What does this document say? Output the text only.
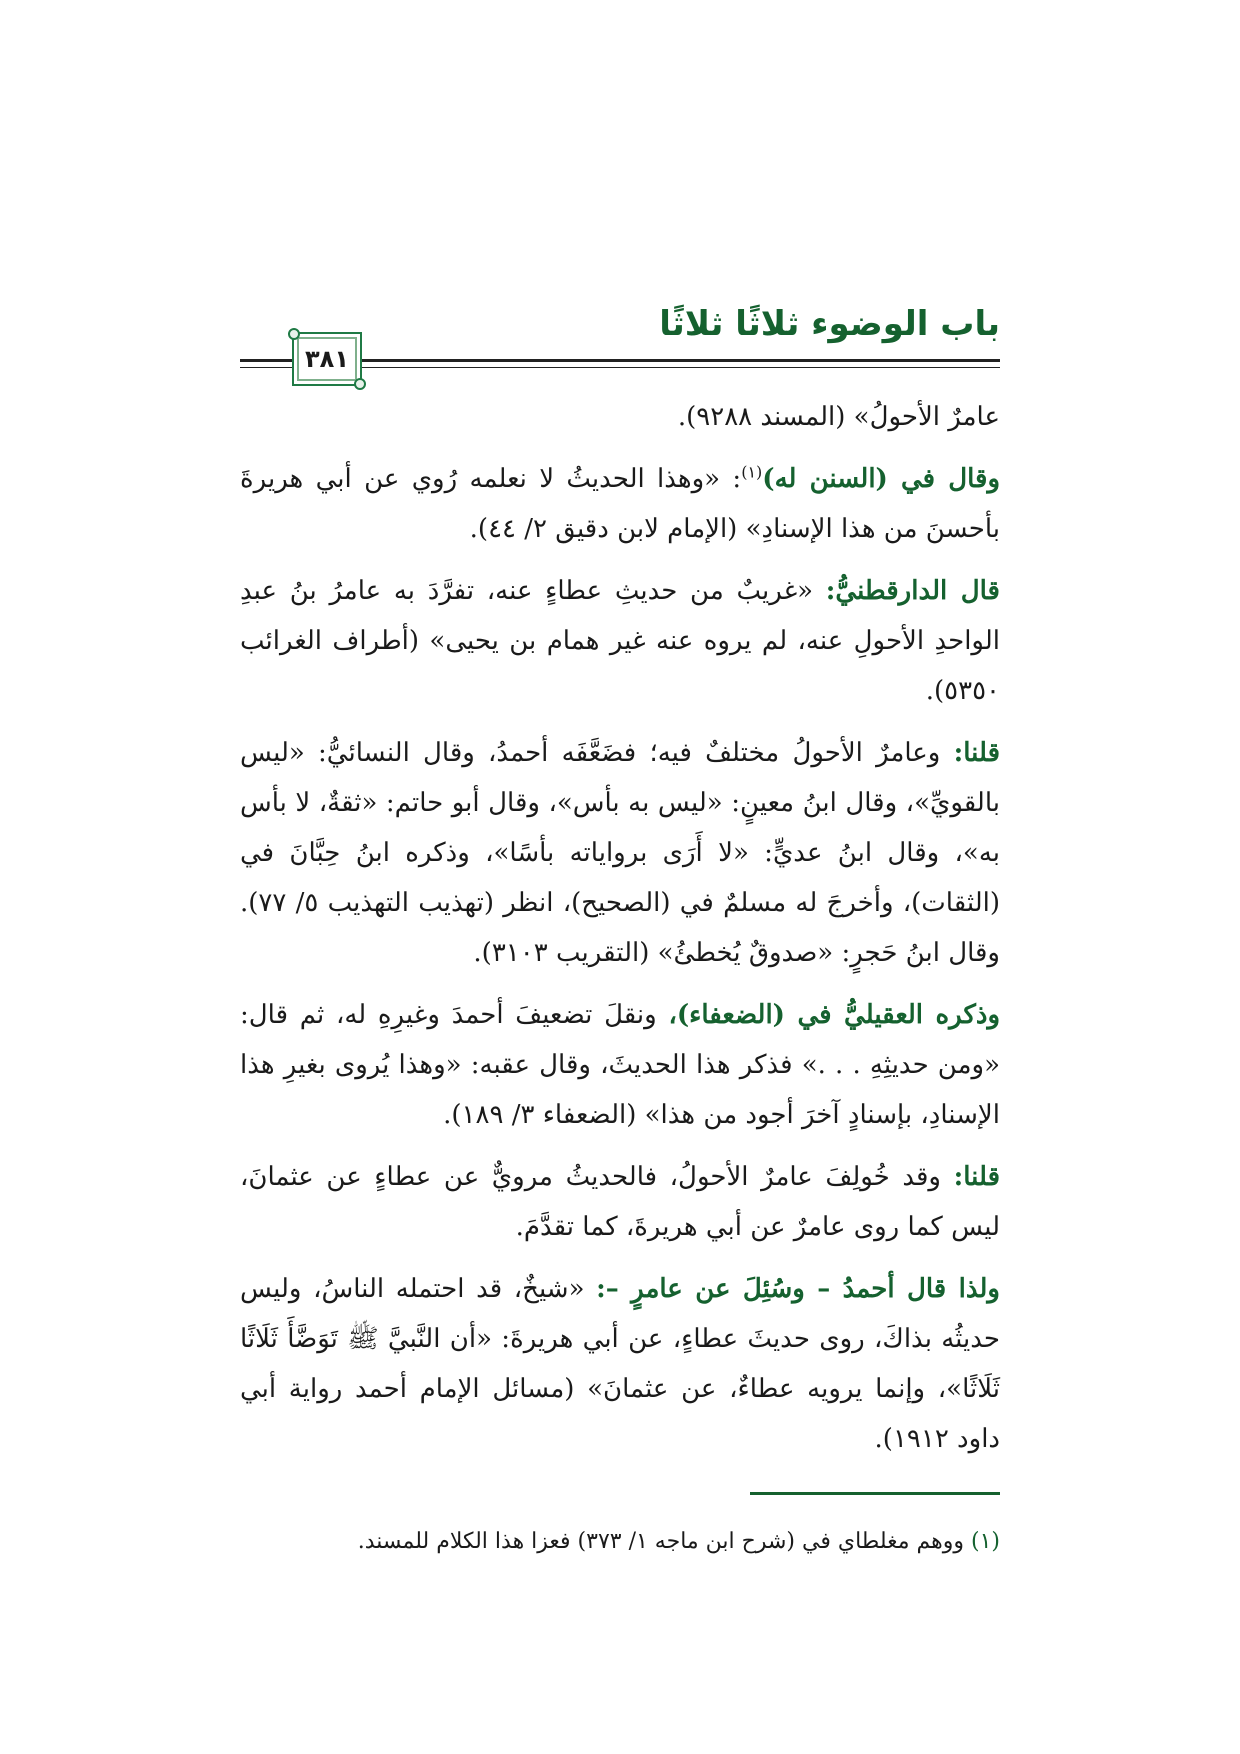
باب الوضوء ثلاثًا ثلاثًا
٣٨١

عامرٌ الأحولُ» (المسند ٩٢٨٨).

وقال في (السنن له)$^{(١)}$: «وهذا الحديثُ لا نعلمه رُوي عن أبي هريرةَ بأحسنَ من هذا الإسنادِ» (الإمام لابن دقيق ٢/ ٤٤).

قال الدارقطنيُّ: «غريبٌ من حديثِ عطاءٍ عنه، تفرَّدَ به عامرُ بنُ عبدِ الواحدِ الأحولِ عنه، لم يروه عنه غير همام بن يحيى» (أطراف الغرائب ٥٣٥٠).

قلنا: وعامرٌ الأحولُ مختلفٌ فيه؛ فضَعَّفَه أحمدُ، وقال النسائيُّ: «ليس بالقويِّ»، وقال ابنُ معينٍ: «ليس به بأس»، وقال أبو حاتم: «ثقةٌ، لا بأس به»، وقال ابنُ عديٍّ: «لا أَرَى برواياته بأسًا»، وذكره ابنُ حِبَّانَ في (الثقات)، وأخرجَ له مسلمٌ في (الصحيح)، انظر (تهذيب التهذيب ٥/ ٧٧). وقال ابنُ حَجرٍ: «صدوقٌ يُخطئُ» (التقريب ٣١٠٣).

وذكره العقيليُّ في (الضعفاء)، ونقلَ تضعيفَ أحمدَ وغيرِهِ له، ثم قال: «ومن حديثِهِ . . .» فذكر هذا الحديثَ، وقال عقبه: «وهذا يُروى بغيرِ هذا الإسنادِ، بإسنادٍ آخرَ أجود من هذا» (الضعفاء ٣/ ١٨٩).

قلنا: وقد خُولِفَ عامرٌ الأحولُ، فالحديثُ مرويٌّ عن عطاءٍ عن عثمانَ، ليس كما روى عامرٌ عن أبي هريرةَ، كما تقدَّمَ.

ولذا قال أحمدُ – وسُئِلَ عن عامرٍ –: «شيخٌ، قد احتمله الناسُ، وليس حديثُه بذاكَ، روى حديثَ عطاءٍ، عن أبي هريرةَ: «أن النَّبيَّ ﷺ تَوَضَّأَ ثَلَاثًا ثَلَاثًا»، وإنما يرويه عطاءٌ، عن عثمانَ» (مسائل الإمام أحمد رواية أبي داود ١٩١٢).

(١) ووهم مغلطاي في (شرح ابن ماجه ١/ ٣٧٣) فعزا هذا الكلام للمسند.
